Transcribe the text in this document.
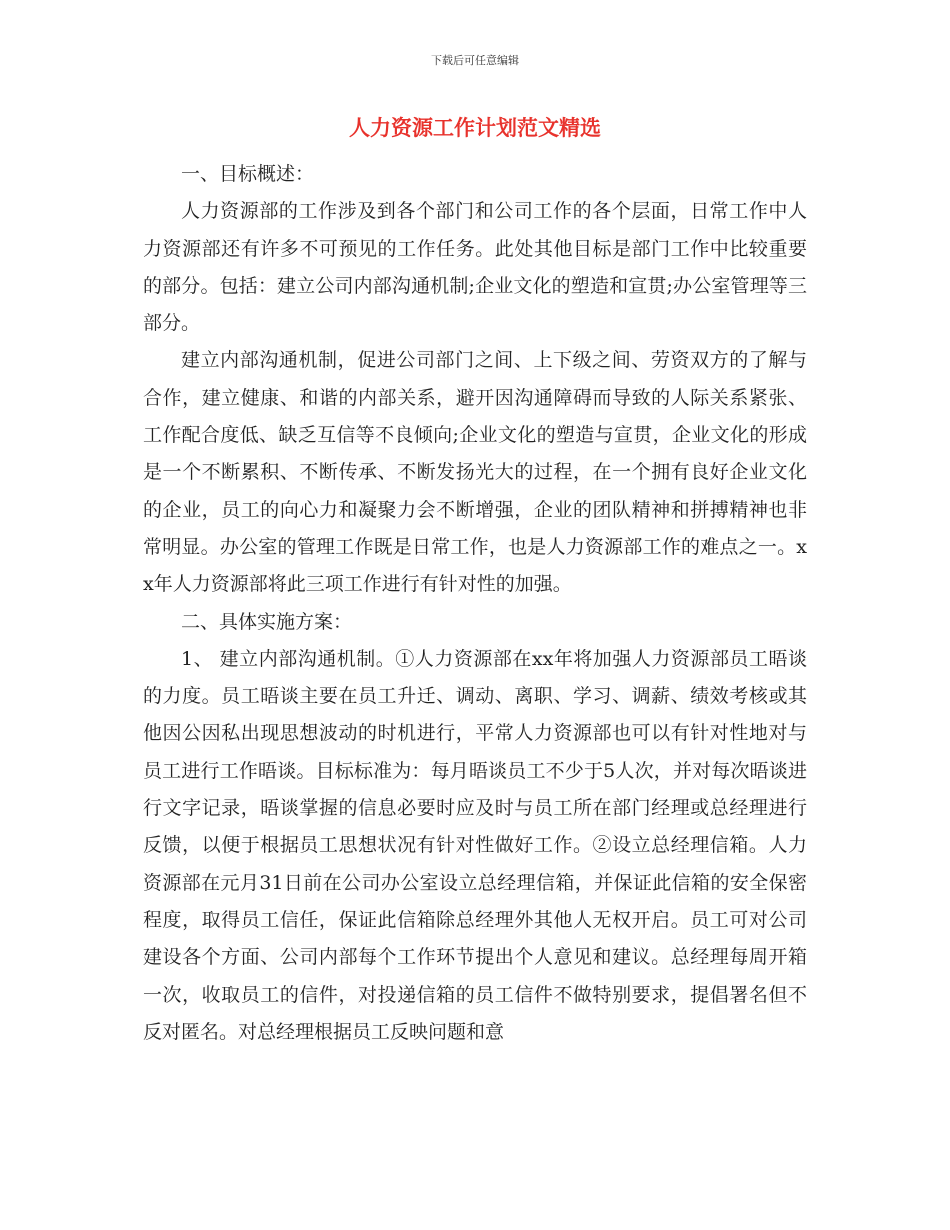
下载后可任意编辑
人力资源工作计划范文精选

一、目标概述：

人力资源部的工作涉及到各个部门和公司工作的各个层面，日常工作中人力资源部还有许多不可预见的工作任务。此处其他目标是部门工作中比较重要的部分。包括：建立公司内部沟通机制;企业文化的塑造和宣贯;办公室管理等三部分。

建立内部沟通机制，促进公司部门之间、上下级之间、劳资双方的了解与合作，建立健康、和谐的内部关系，避开因沟通障碍而导致的人际关系紧张、工作配合度低、缺乏互信等不良倾向;企业文化的塑造与宣贯，企业文化的形成是一个不断累积、不断传承、不断发扬光大的过程，在一个拥有良好企业文化的企业，员工的向心力和凝聚力会不断增强，企业的团队精神和拼搏精神也非常明显。办公室的管理工作既是日常工作，也是人力资源部工作的难点之一。xx年人力资源部将此三项工作进行有针对性的加强。

二、具体实施方案：

1、 建立内部沟通机制。①人力资源部在xx年将加强人力资源部员工晤谈的力度。员工晤谈主要在员工升迁、调动、离职、学习、调薪、绩效考核或其他因公因私出现思想波动的时机进行，平常人力资源部也可以有针对性地对与员工进行工作晤谈。目标标准为：每月晤谈员工不少于5人次，并对每次晤谈进行文字记录，晤谈掌握的信息必要时应及时与员工所在部门经理或总经理进行反馈，以便于根据员工思想状况有针对性做好工作。②设立总经理信箱。人力资源部在元月31日前在公司办公室设立总经理信箱，并保证此信箱的安全保密程度，取得员工信任，保证此信箱除总经理外其他人无权开启。员工可对公司建设各个方面、公司内部每个工作环节提出个人意见和建议。总经理每周开箱一次，收取员工的信件，对投递信箱的员工信件不做特别要求，提倡署名但不反对匿名。对总经理根据员工反映问题和意
